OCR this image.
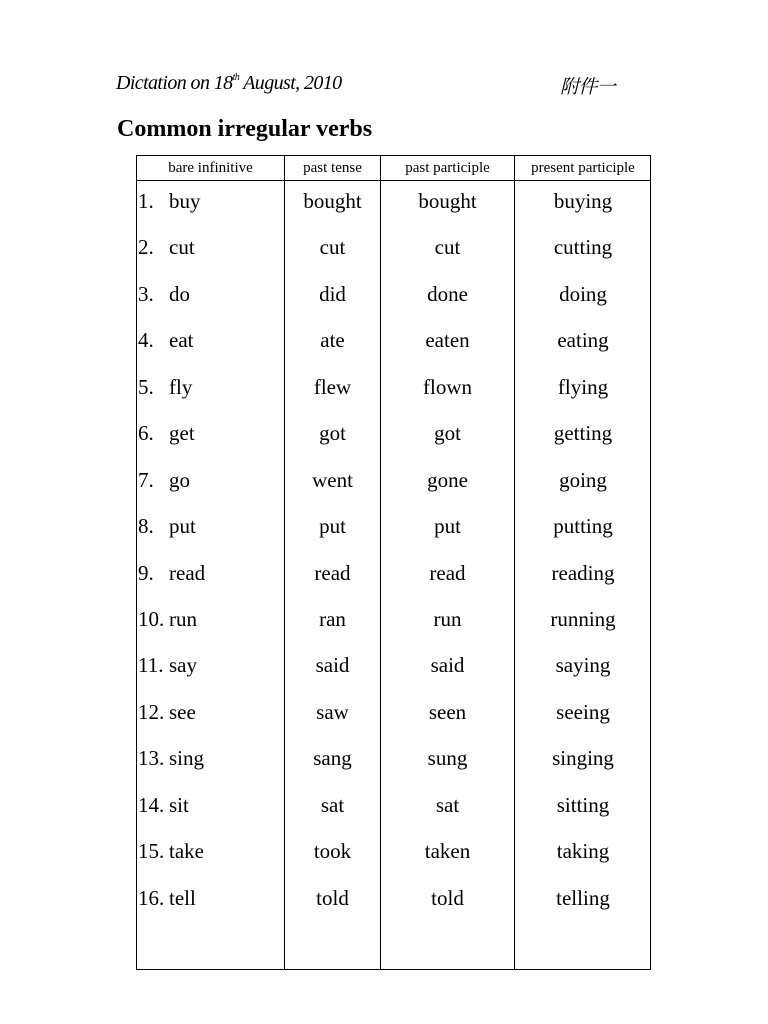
Dictation on 18th August, 2010	附件一
Common irregular verbs
bare infinitive	past tense	past participle	present participle
1. buy	bought	bought	buying
2. cut	cut	cut	cutting
3. do	did	done	doing
4. eat	ate	eaten	eating
5. fly	flew	flown	flying
6. get	got	got	getting
7. go	went	gone	going
8. put	put	put	putting
9. read	read	read	reading
10. run	ran	run	running
11. say	said	said	saying
12. see	saw	seen	seeing
13. sing	sang	sung	singing
14. sit	sat	sat	sitting
15. take	took	taken	taking
16. tell	told	told	telling
